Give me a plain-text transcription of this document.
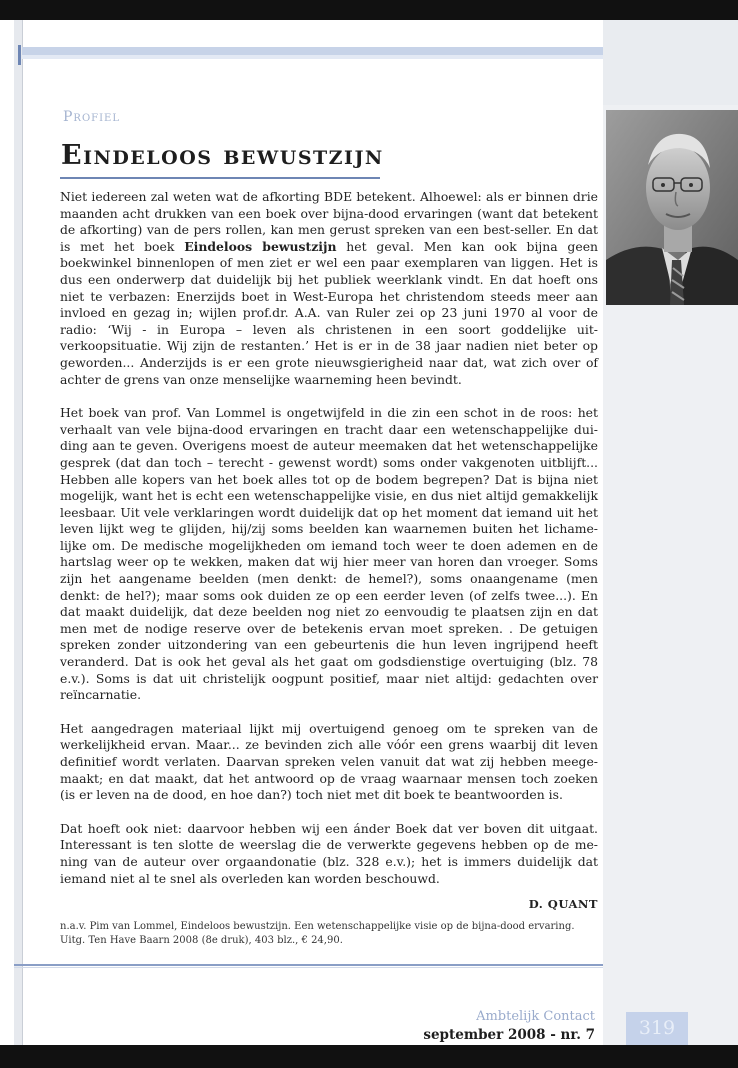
Profiel
Eindeloos bewustzijn

Niet iedereen zal weten wat de afkorting BDE betekent. Alhoewel: als er binnen drie maanden acht drukken van een boek over bijna-dood ervaringen (want dat betekent de afkorting) van de pers rollen, kan men gerust spreken van een best-seller. En dat is met het boek Eindeloos bewustzijn het geval. Men kan ook bijna geen boekwinkel binnenlopen of men ziet er wel een paar exemplaren van liggen. Het is dus een onderwerp dat duidelijk bij het publiek weerklank vindt. En dat hoeft ons niet te verbazen: Enerzijds boet in West-Europa het christendom steeds meer aan invloed en gezag in; wijlen prof.dr. A.A. van Ruler zei op 23 juni 1970 al voor de radio: ‘Wij - in Europa – leven als christenen in een soort goddelijke uit-verkoopsituatie. Wij zijn de restanten.’ Het is er in de 38 jaar nadien niet beter op geworden... Anderzijds is er een grote nieuwsgierigheid naar dat, wat zich over of achter de grens van onze menselijke waarneming heen bevindt.

Het boek van prof. Van Lommel is ongetwijfeld in die zin een schot in de roos: het verhaalt van vele bijna-dood ervaringen en tracht daar een wetenschappelijke dui-ding aan te geven. Overigens moest de auteur meemaken dat het wetenschappelijke gesprek (dat dan toch – terecht - gewenst wordt) soms onder vakgenoten uitblijft... Hebben alle kopers van het boek alles tot op de bodem begrepen? Dat is bijna niet mogelijk, want het is echt een wetenschappelijke visie, en dus niet altijd gemakkelijk leesbaar. Uit vele verklaringen wordt duidelijk dat op het moment dat iemand uit het leven lijkt weg te glijden, hij/zij soms beelden kan waarnemen buiten het lichame-lijke om. De medische mogelijkheden om iemand toch weer te doen ademen en de hartslag weer op te wekken, maken dat wij hier meer van horen dan vroeger. Soms zijn het aangename beelden (men denkt: de hemel?), soms onaangename (men denkt: de hel?); maar soms ook duiden ze op een eerder leven (of zelfs twee...). En dat maakt duidelijk, dat deze beelden nog niet zo eenvoudig te plaatsen zijn en dat men met de nodige reserve over de betekenis ervan moet spreken. . De getuigen spreken zonder uitzondering van een gebeurtenis die hun leven ingrijpend heeft veranderd. Dat is ook het geval als het gaat om godsdienstige overtuiging (blz. 78 e.v.). Soms is dat uit christelijk oogpunt positief, maar niet altijd: gedachten over reïncarnatie.

Het aangedragen materiaal lijkt mij overtuigend genoeg om te spreken van de werkelijkheid ervan. Maar... ze bevinden zich alle vóór een grens waarbij dit leven definitief wordt verlaten. Daarvan spreken velen vanuit dat wat zij hebben meege-maakt; en dat maakt, dat het antwoord op de vraag waarnaar mensen toch zoeken (is er leven na de dood, en hoe dan?) toch niet met dit boek te beantwoorden is.

Dat hoeft ook niet: daarvoor hebben wij een ánder Boek dat ver boven dit uitgaat. Interessant is ten slotte de weerslag die de verwerkte gegevens hebben op de me-ning van de auteur over orgaandonatie (blz. 328 e.v.); het is immers duidelijk dat iemand niet al te snel als overleden kan worden beschouwd.

D. QUANT
n.a.v. Pim van Lommel, Eindeloos bewustzijn. Een wetenschappelijke visie op de bijna-dood ervaring. Uitg. Ten Have Baarn 2008 (8e druk), 403 blz., € 24,90.
Ambtelijk Contact
september 2008 - nr. 7	319
